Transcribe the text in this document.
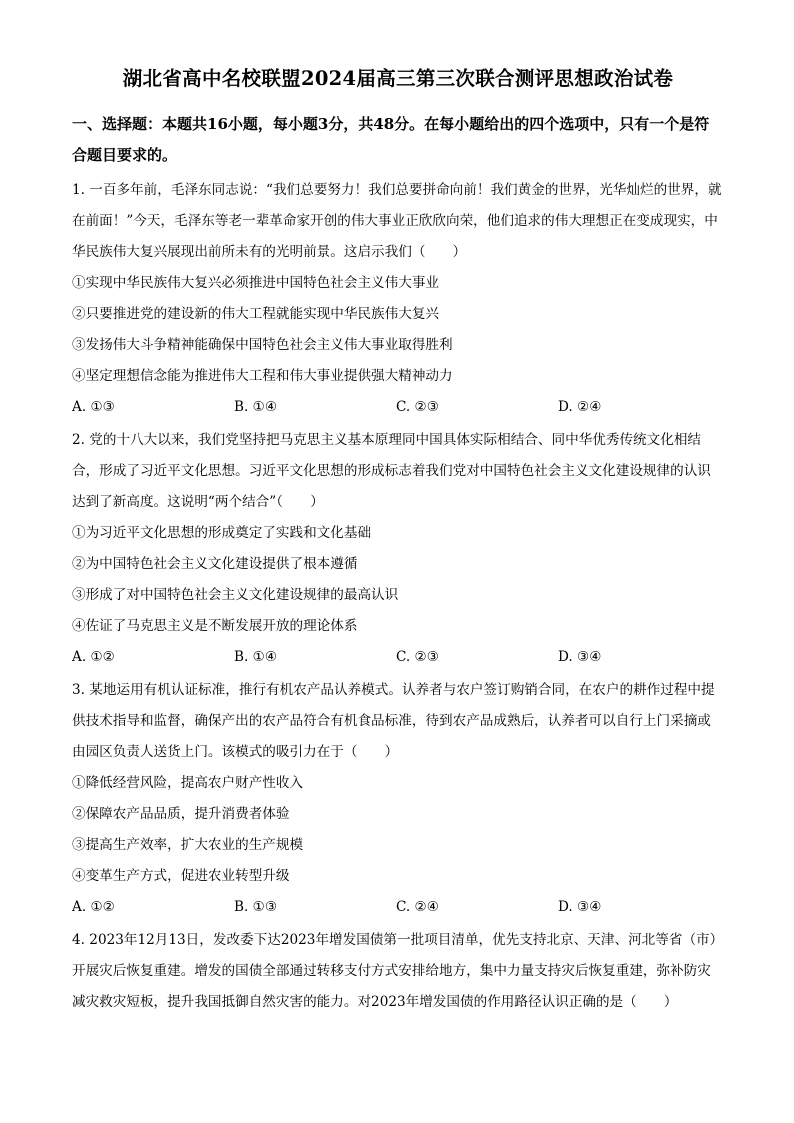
湖北省高中名校联盟2024届高三第三次联合测评思想政治试卷

一、选择题：本题共16小题，每小题3分，共48分。在每小题给出的四个选项中，只有一个是符合题目要求的。

1. 一百多年前，毛泽东同志说：“我们总要努力！我们总要拼命向前！我们黄金的世界，光华灿烂的世界，就在前面！”今天，毛泽东等老一辈革命家开创的伟大事业正欣欣向荣，他们追求的伟大理想正在变成现实，中华民族伟大复兴展现出前所未有的光明前景。这启示我们（　　）

①实现中华民族伟大复兴必须推进中国特色社会主义伟大事业

②只要推进党的建设新的伟大工程就能实现中华民族伟大复兴

③发扬伟大斗争精神能确保中国特色社会主义伟大事业取得胜利

④坚定理想信念能为推进伟大工程和伟大事业提供强大精神动力

A. ①③	B. ①④	C. ②③	D. ②④

2. 党的十八大以来，我们党坚持把马克思主义基本原理同中国具体实际相结合、同中华优秀传统文化相结合，形成了习近平文化思想。习近平文化思想的形成标志着我们党对中国特色社会主义文化建设规律的认识达到了新高度。这说明“两个结合”（　　）

①为习近平文化思想的形成奠定了实践和文化基础

②为中国特色社会主义文化建设提供了根本遵循

③形成了对中国特色社会主义文化建设规律的最高认识

④佐证了马克思主义是不断发展开放的理论体系

A. ①②	B. ①④	C. ②③	D. ③④

3. 某地运用有机认证标准，推行有机农产品认养模式。认养者与农户签订购销合同，在农户的耕作过程中提供技术指导和监督，确保产出的农产品符合有机食品标准，待到农产品成熟后，认养者可以自行上门采摘或由园区负责人送货上门。该模式的吸引力在于（　　）

①降低经营风险，提高农户财产性收入

②保障农产品品质，提升消费者体验

③提高生产效率，扩大农业的生产规模

④变革生产方式，促进农业转型升级

A. ①②	B. ①③	C. ②④	D. ③④

4. 2023年12月13日，发改委下达2023年增发国债第一批项目清单，优先支持北京、天津、河北等省（市）开展灾后恢复重建。增发的国债全部通过转移支付方式安排给地方，集中力量支持灾后恢复重建，弥补防灾减灾救灾短板，提升我国抵御自然灾害的能力。对2023年增发国债的作用路径认识正确的是（　　）
